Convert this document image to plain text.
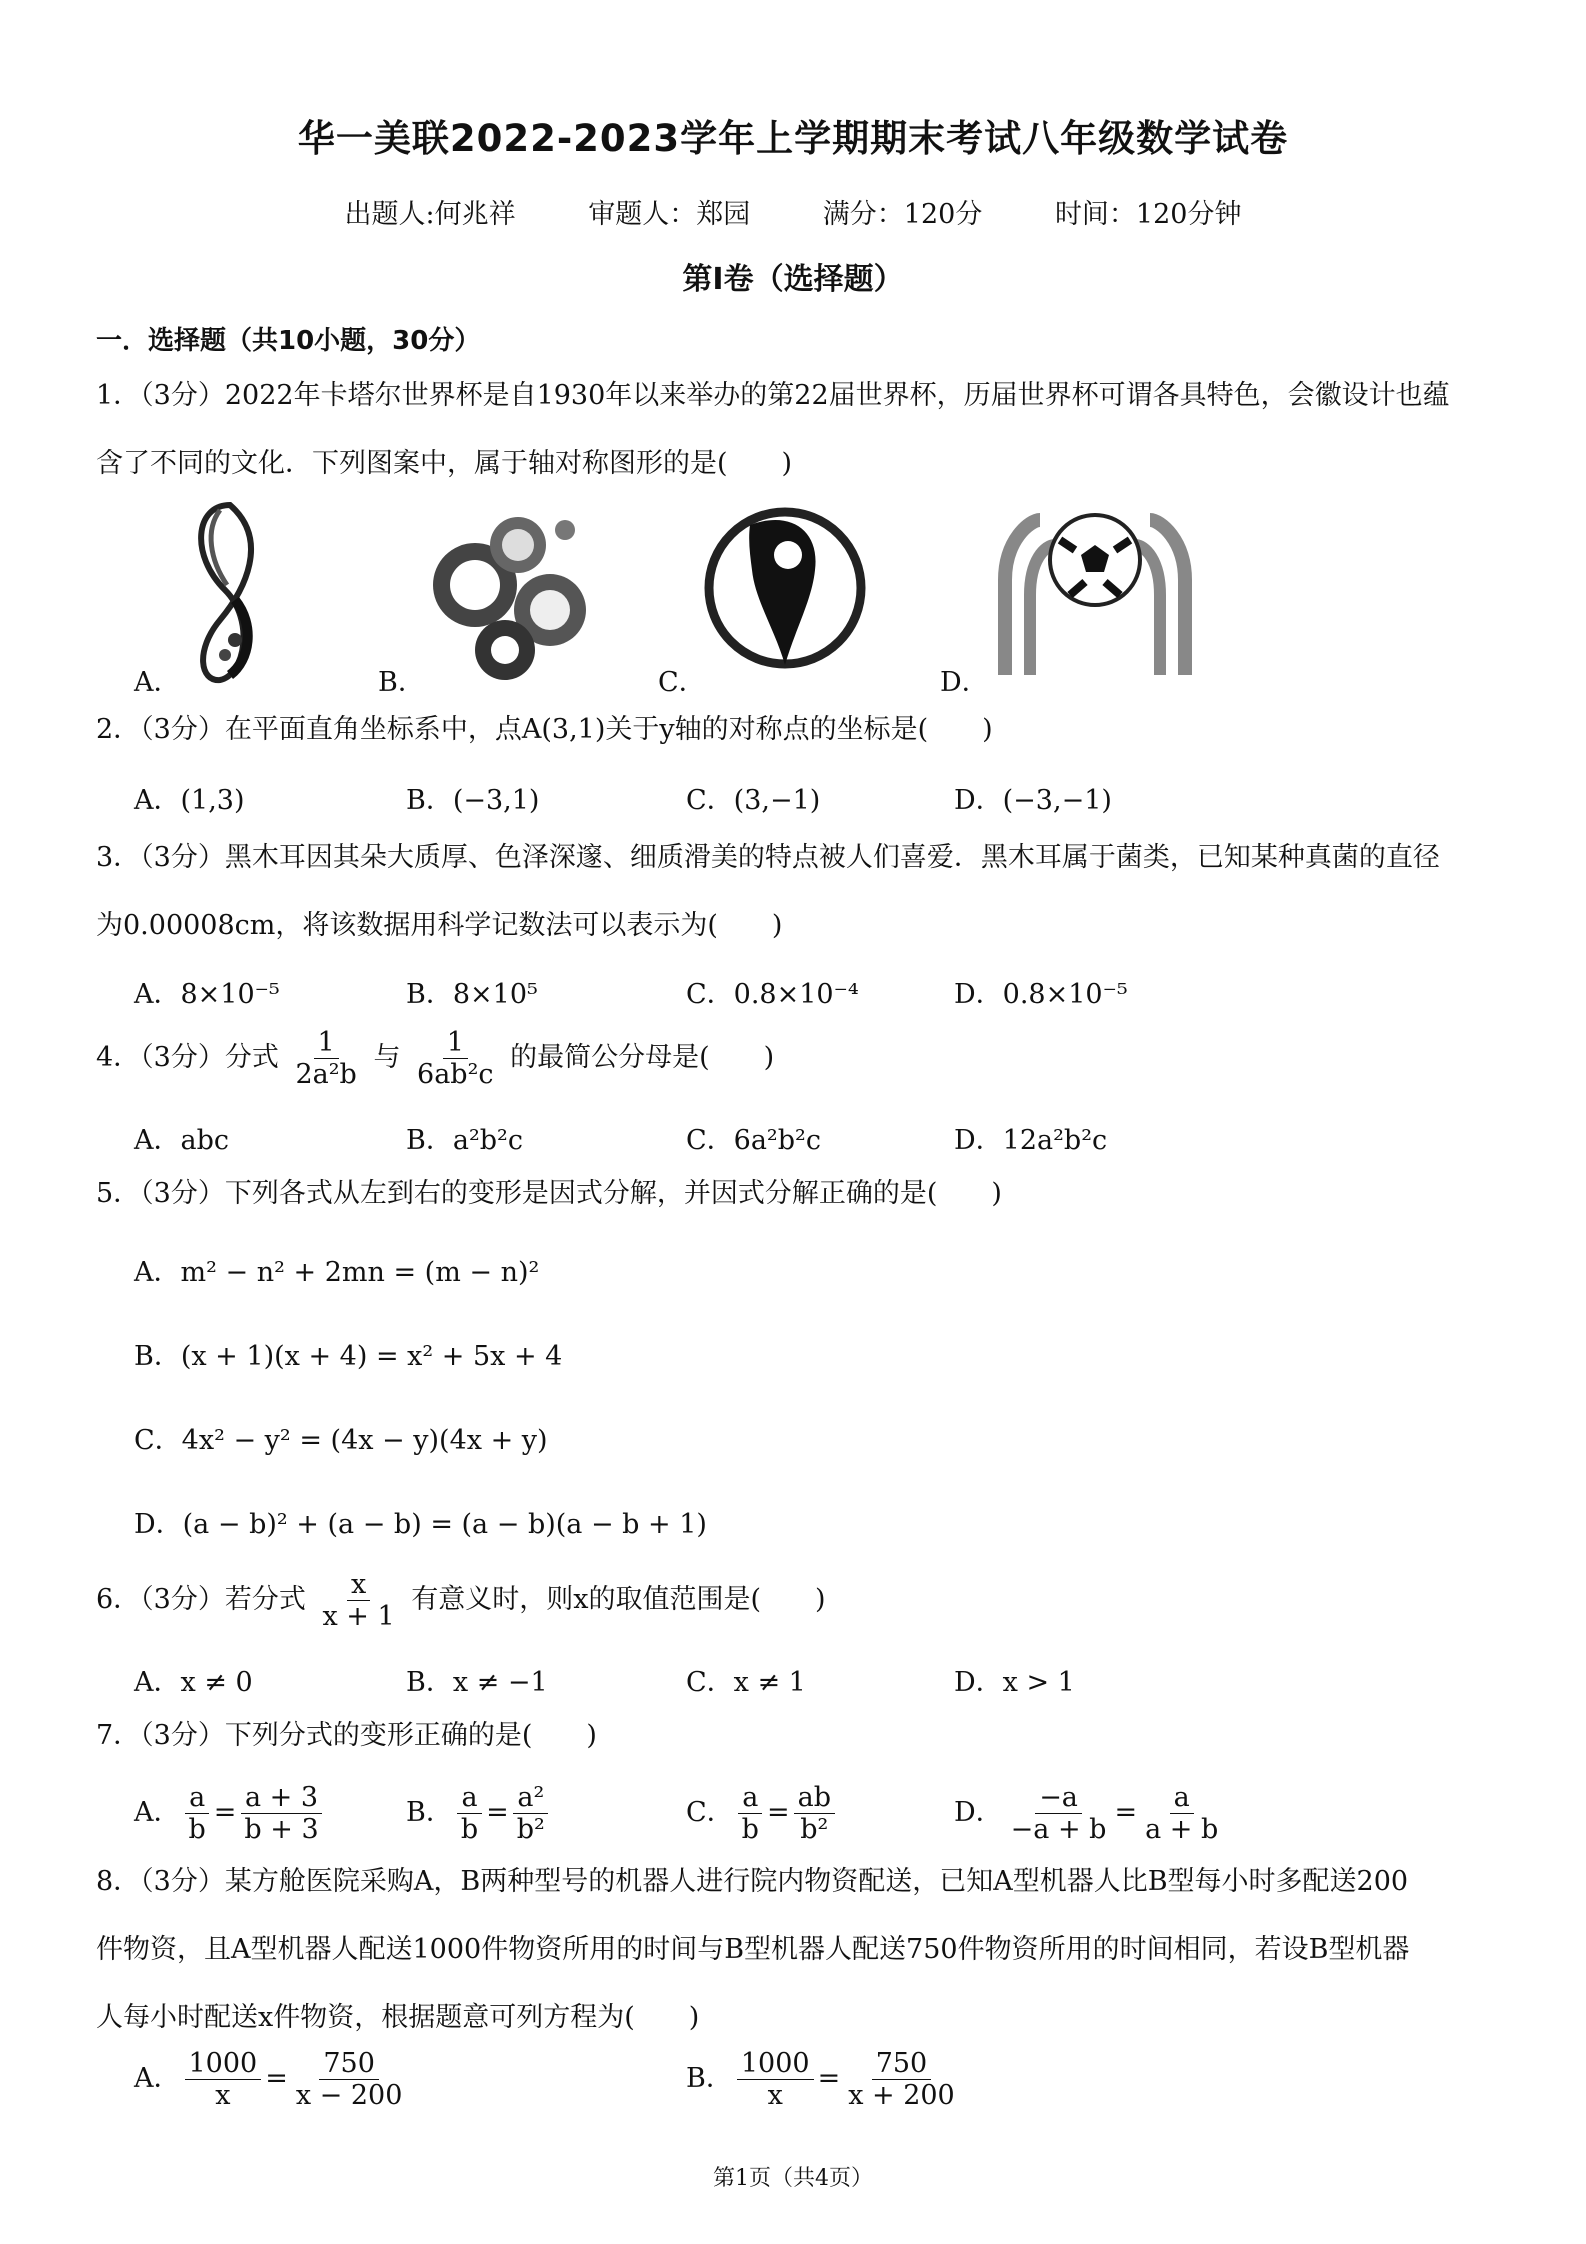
华一美联2022-2023学年上学期期末考试八年级数学试卷
出题人:何兆祥	审题人：郑园	满分：120分	时间：120分钟
第Ⅰ卷（选择题）
一．选择题（共10小题，30分）
1．（3分）2022年卡塔尔世界杯是自1930年以来举办的第22届世界杯，历届世界杯可谓各具特色，会徽设计也蕴
含了不同的文化．下列图案中，属于轴对称图形的是(　　)
A．	B．	C．	D．
2．（3分）在平面直角坐标系中，点A(3,1)关于y轴的对称点的坐标是(　　)
A．(1,3)	B．(−3,1)	C．(3,−1)	D．(−3,−1)
3．（3分）黑木耳因其朵大质厚、色泽深邃、细质滑美的特点被人们喜爱．黑木耳属于菌类，已知某种真菌的直径
为0.00008cm，将该数据用科学记数法可以表示为(　　)
A．8×10⁻⁵	B．8×10⁵	C．0.8×10⁻⁴	D．0.8×10⁻⁵
4．（3分）分式 $\frac{1}{\text{2a²b}}$ 与 $\frac{1}{\text{6ab²c}}$ 的最简公分母是(　　)
A．abc	B．a²b²c	C．6a²b²c	D．12a²b²c
5．（3分）下列各式从左到右的变形是因式分解，并因式分解正确的是(　　)
A．m² − n² + 2mn = (m − n)²
B．(x + 1)(x + 4) = x² + 5x + 4
C．4x² − y² = (4x − y)(4x + y)
D．(a − b)² + (a − b) = (a − b)(a − b + 1)
6．（3分）若分式 $\frac{x}{x + 1}$ 有意义时，则x的取值范围是(　　)
A．x ≠ 0	B．x ≠ −1	C．x ≠ 1	D．x > 1
7．（3分）下列分式的变形正确的是(　　)
A． $\frac{a}{b} = \frac{a + 3}{b + 3}$	B． $\frac{a}{b} = \frac{\text{a²}}{\text{b²}}$	C． $\frac{a}{b} = \frac{ab}{\text{b²}}$	D． $\frac{-a}{-a + b} = \frac{a}{a + b}$
8．（3分）某方舱医院采购A，B两种型号的机器人进行院内物资配送，已知A型机器人比B型每小时多配送200
件物资，且A型机器人配送1000件物资所用的时间与B型机器人配送750件物资所用的时间相同，若设B型机器
人每小时配送x件物资，根据题意可列方程为(　　)
A． $\frac{1000}{x} = \frac{750}{x - 200}$	B． $\frac{1000}{x} = \frac{750}{x + 200}$
第1页（共4页）
